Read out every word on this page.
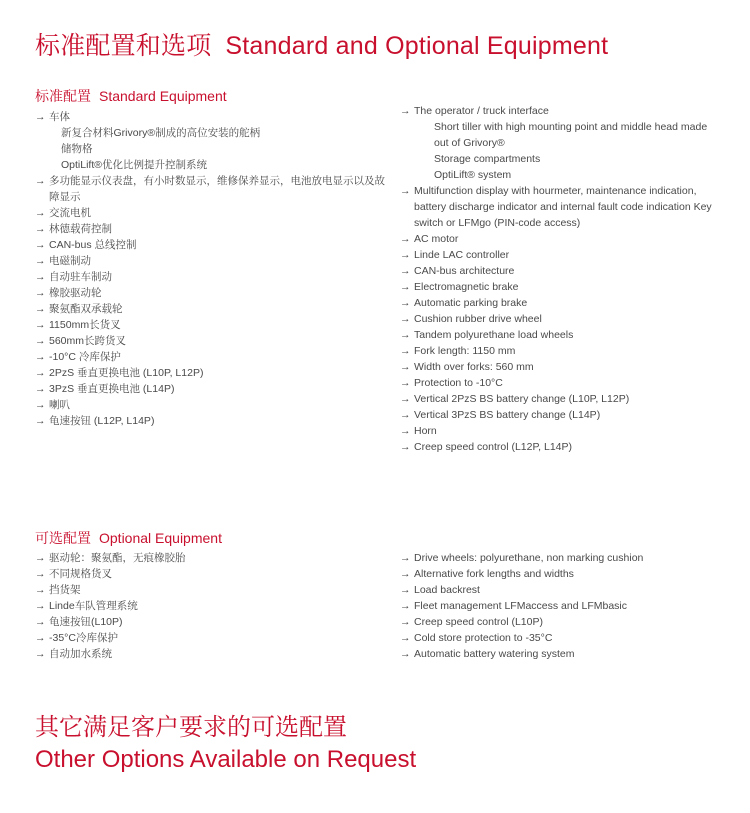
标准配置和选项 Standard and Optional Equipment
标准配置 Standard Equipment
→ 车体
新复合材料Grivory®制成的高位安装的舵柄
储物格
OptiLift®优化比例提升控制系统
→ 多功能显示仪表盘，有小时数显示，维修保养显示，电池放电显示以及故障显示
→ 交流电机
→ 林德载荷控制
→ CAN-bus 总线控制
→ 电磁制动
→ 自动驻车制动
→ 橡胶驱动轮
→ 聚氨酯双承载轮
→ 1150mm长货叉
→ 560mm长跨货叉
→ -10°C 冷库保护
→ 2PzS 垂直更换电池 (L10P, L12P)
→ 3PzS 垂直更换电池 (L14P)
→ 喇叭
→ 龟速按钮 (L12P, L14P)
→ The operator / truck interface
Short tiller with high mounting point and middle head made
out of Grivory®
Storage compartments
OptiLift® system
→ Multifunction display with hourmeter, maintenance indication, battery discharge indicator and internal fault code indication Key switch or LFMgo (PIN-code access)
→ AC motor
→ Linde LAC controller
→ CAN-bus architecture
→ Electromagnetic brake
→ Automatic parking brake
→ Cushion rubber drive wheel
→ Tandem polyurethane load wheels
→ Fork length: 1150 mm
→ Width over forks: 560 mm
→ Protection to -10°C
→ Vertical 2PzS BS battery change (L10P, L12P)
→ Vertical 3PzS BS battery change (L14P)
→ Horn
→ Creep speed control (L12P, L14P)
可选配置 Optional Equipment
→ 驱动轮：聚氨酯，无痕橡胶胎
→ 不同规格货叉
→ 挡货架
→ Linde车队管理系统
→ 龟速按钮(L10P)
→ -35°C冷库保护
→ 自动加水系统
→ Drive wheels: polyurethane, non marking cushion
→ Alternative fork lengths and widths
→ Load backrest
→ Fleet management LFMaccess and LFMbasic
→ Creep speed control (L10P)
→ Cold store protection to -35°C
→ Automatic battery watering system
其它满足客户要求的可选配置
Other Options Available on Request
